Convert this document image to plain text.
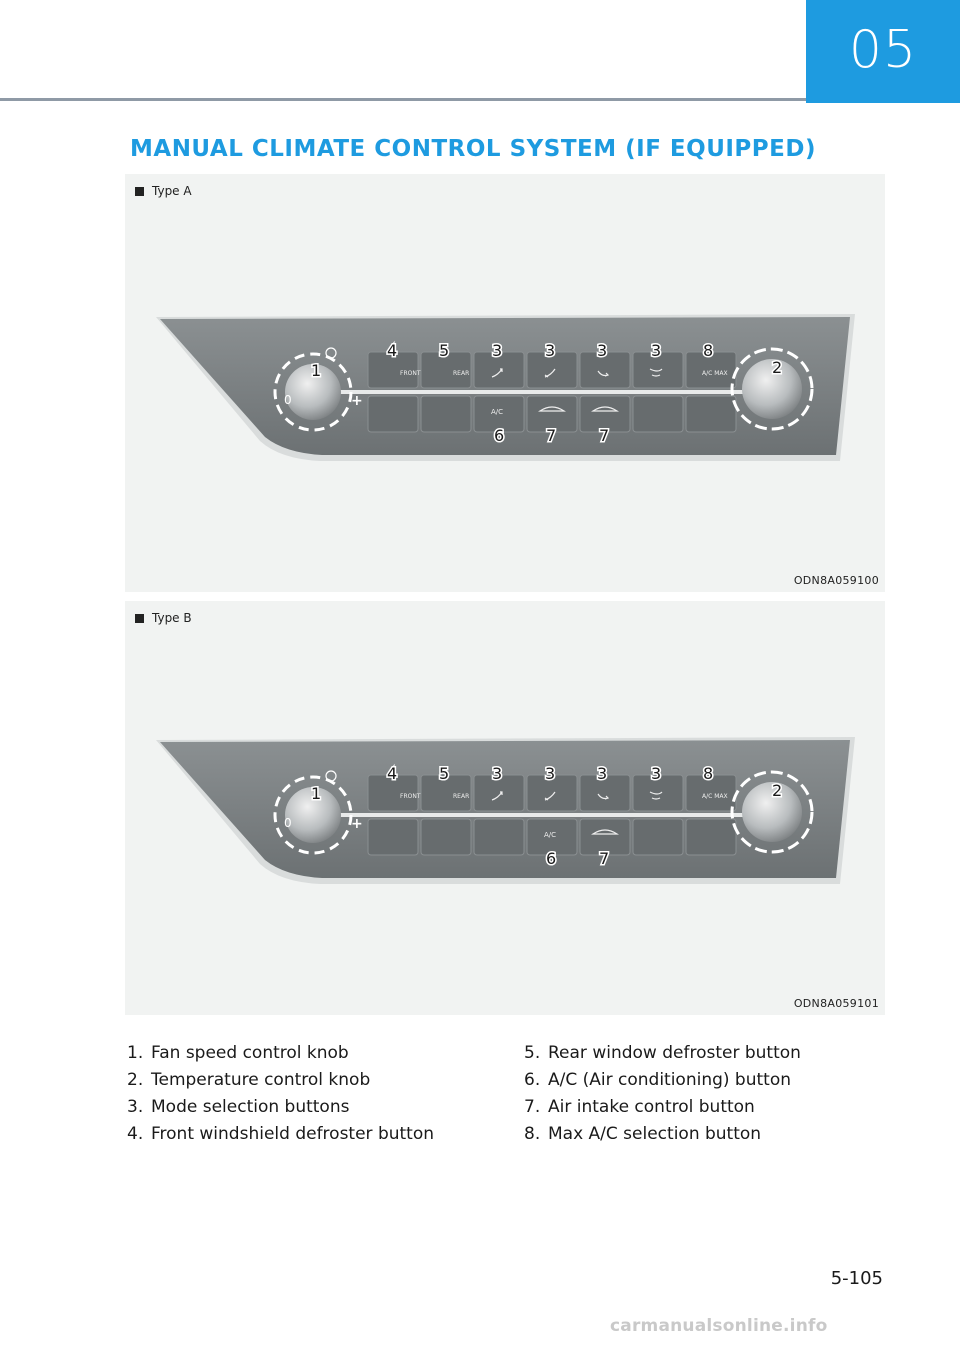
05
MANUAL CLIMATE CONTROL SYSTEM (IF EQUIPPED)
Type A
FRONT	REAR	A/C MAX
A/C
0	+
1
4	5	3	3	3	3	8
2
6	7	7
ODN8A059100
Type B
FRONT	REAR	A/C MAX
A/C
0	+
1
4	5	3	3	3	3	8
2
6	7
ODN8A059101
1. Fan speed control knob
2. Temperature control knob
3. Mode selection buttons
4. Front windshield defroster button
5. Rear window defroster button
6. A/C (Air conditioning) button
7. Air intake control button
8. Max A/C selection button
5-105
carmanualsonline.info
